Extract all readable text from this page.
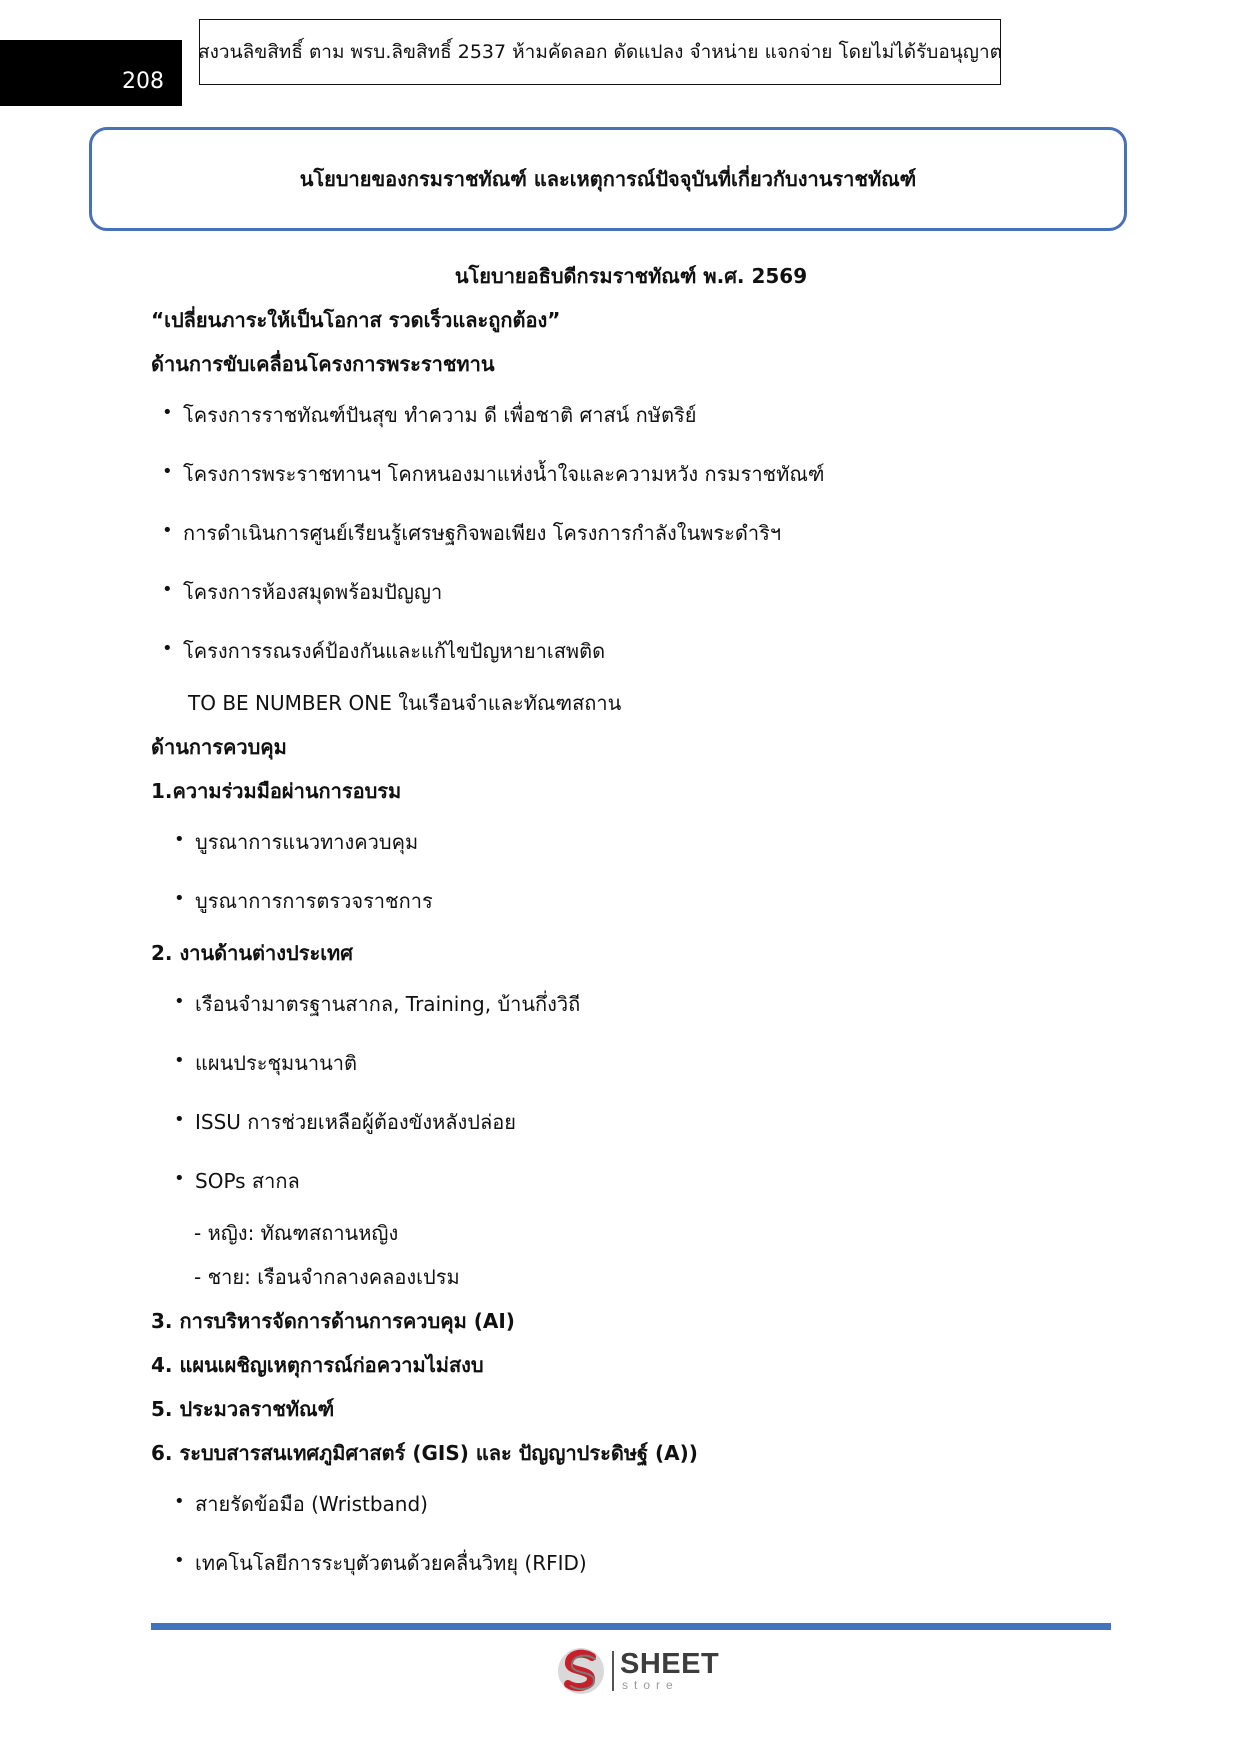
208
สงวนลิขสิทธิ์ ตาม พรบ.ลิขสิทธิ์ 2537 ห้ามคัดลอก ดัดแปลง จำหน่าย แจกจ่าย โดยไม่ได้รับอนุญาต
นโยบายของกรมราชทัณฑ์ และเหตุการณ์ปัจจุบันที่เกี่ยวกับงานราชทัณฑ์
นโยบายอธิบดีกรมราชทัณฑ์ พ.ศ. 2569
“เปลี่ยนภาระให้เป็นโอกาส รวดเร็วและถูกต้อง”
ด้านการขับเคลื่อนโครงการพระราชทาน
• โครงการราชทัณฑ์ปันสุข ทำความ ดี เพื่อชาติ ศาสน์ กษัตริย์
• โครงการพระราชทานฯ โคกหนองมาแห่งน้ำใจและความหวัง กรมราชทัณฑ์
• การดำเนินการศูนย์เรียนรู้เศรษฐกิจพอเพียง โครงการกำลังในพระดำริฯ
• โครงการห้องสมุดพร้อมปัญญา
• โครงการรณรงค์ป้องกันและแก้ไขปัญหายาเสพติด
TO BE NUMBER ONE ในเรือนจำและทัณฑสถาน
ด้านการควบคุม
1.ความร่วมมือผ่านการอบรม
• บูรณาการแนวทางควบคุม
• บูรณาการการตรวจราชการ
2. งานด้านต่างประเทศ
• เรือนจำมาตรฐานสากล, Training, บ้านกึ่งวิถี
• แผนประชุมนานาติ
• ISSU การช่วยเหลือผู้ต้องขังหลังปล่อย
• SOPs สากล
- หญิง: ทัณฑสถานหญิง
- ชาย: เรือนจำกลางคลองเปรม
3. การบริหารจัดการด้านการควบคุม (AI)
4. แผนเผชิญเหตุการณ์ก่อความไม่สงบ
5. ประมวลราชทัณฑ์
6. ระบบสารสนเทศภูมิศาสตร์ (GIS) และ ปัญญาประดิษฐ์ (A))
• สายรัดข้อมือ (Wristband)
• เทคโนโลยีการระบุตัวตนด้วยคลื่นวิทยุ (RFID)
SHEET
store
